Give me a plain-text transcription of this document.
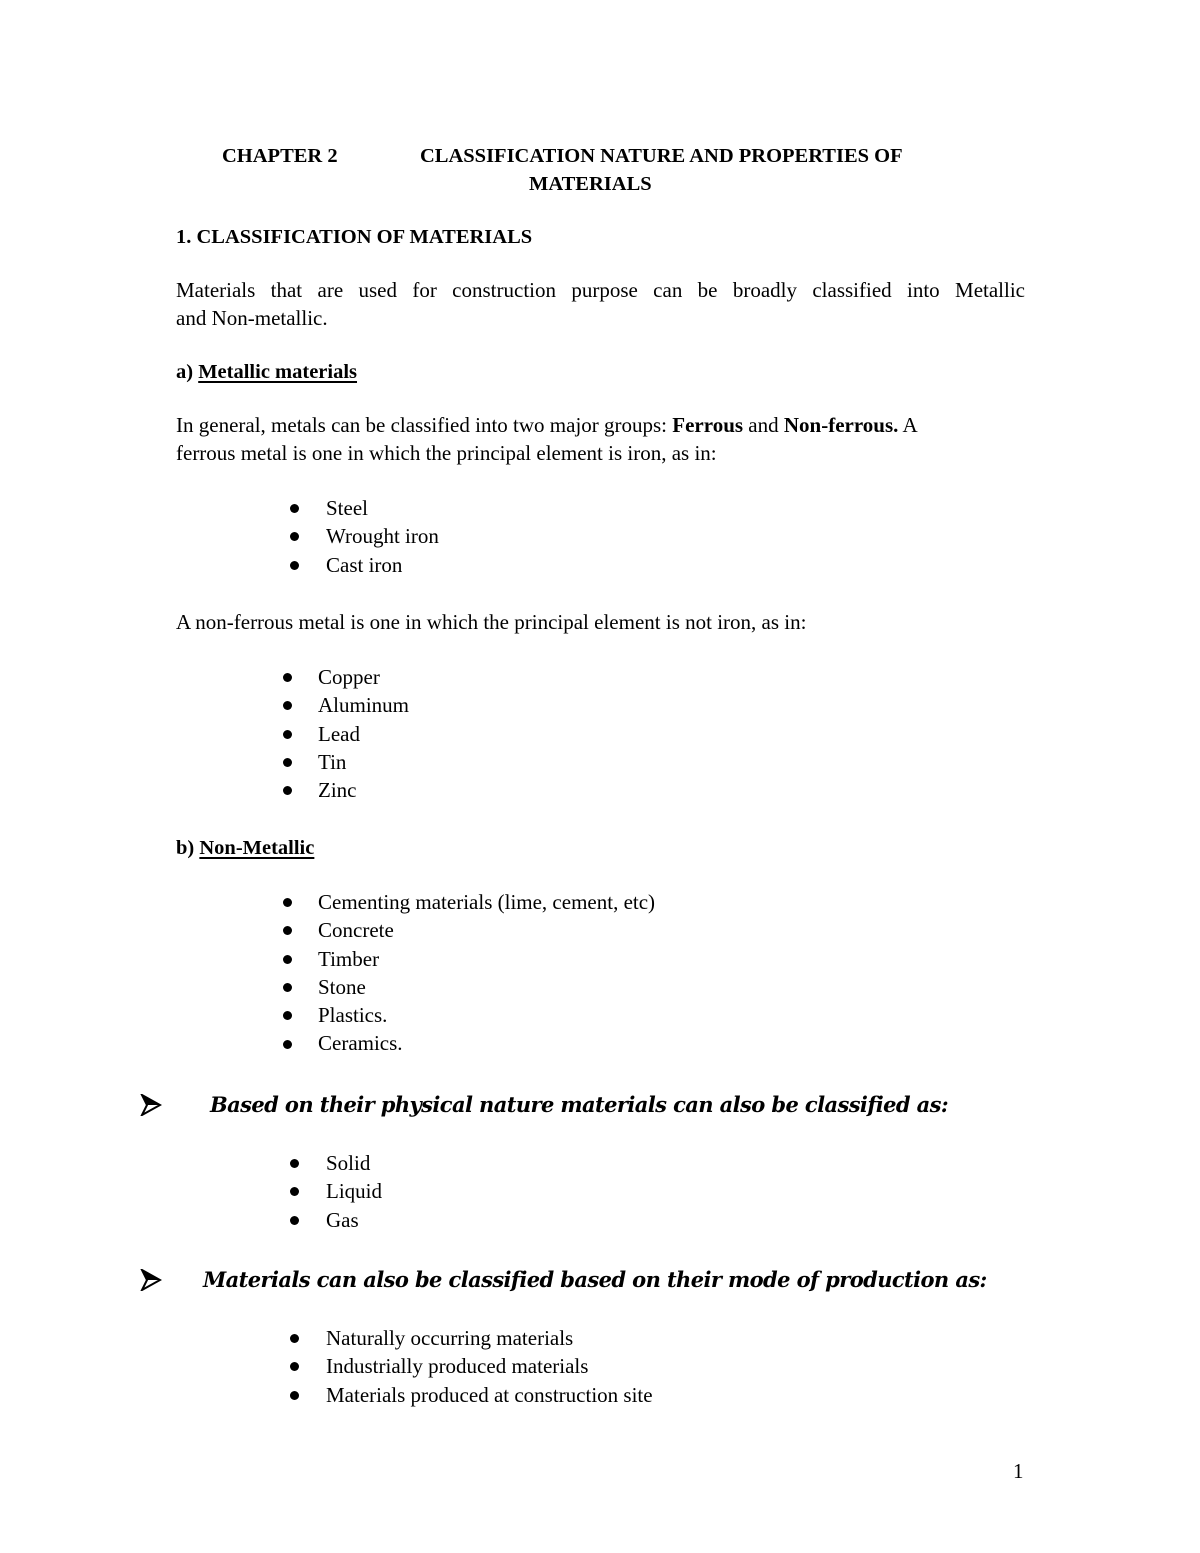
CHAPTER 2	CLASSIFICATION NATURE AND PROPERTIES OF
MATERIALS
1. CLASSIFICATION OF MATERIALS
Materials that are used for construction purpose can be broadly classified into Metallic
and Non-metallic.
a) Metallic materials
In general, metals can be classified into two major groups: Ferrous and Non-ferrous. A
ferrous metal is one in which the principal element is iron, as in:
Steel
Wrought iron
Cast iron
A non-ferrous metal is one in which the principal element is not iron, as in:
Copper
Aluminum
Lead
Tin
Zinc
b) Non-Metallic
Cementing materials (lime, cement, etc)
Concrete
Timber
Stone
Plastics.
Ceramics.
Based on their physical nature materials can also be classified as:
Solid
Liquid
Gas
Materials can also be classified based on their mode of production as:
Naturally occurring materials
Industrially produced materials
Materials produced at construction site
1
